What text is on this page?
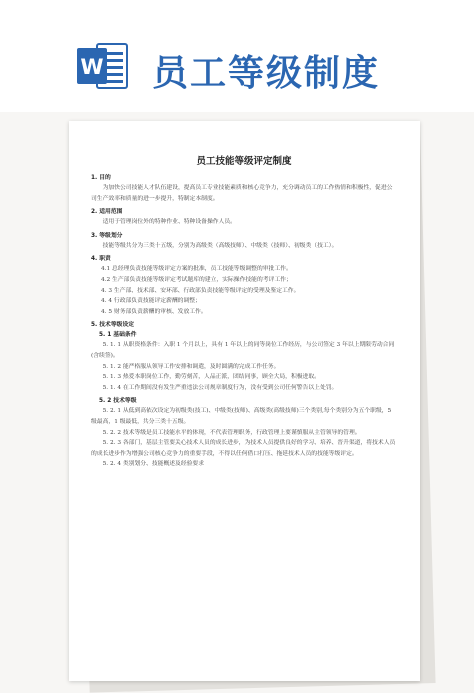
W 员工等级制度
员工技能等级评定制度
1. 目的
为加快公司技能人才队伍建设，提高员工专业技能素质和核心竞争力，充分调动员工的工作热情和积极性，促进公司生产效率和质量的进一步提升，特制定本制度。
2. 适用范围
适用于管理岗位外的特种作业、特种设备操作人员。
3. 等级划分
技能等级共分为三类十五级，分别为高级类（高级技师）、中级类（技师）、初级类（技工）。
4. 职责
4.1 总经理负责技能等级评定方案的批准，员工技能等级调整的审批工作。
4.2 生产部负责技能等级评定考试题库的建立，实际操作技能的考评工作；
4. 3 生产部、技术部、安环部、行政部负责技能等级评定的受理及鉴定工作。
4. 4 行政部负责技能评定薪酬的调整；
4. 5 财务部负责薪酬的审核、发放工作。
5. 技术等级设定
5. 1 基础条件
5. 1. 1 从职资格条件：入职 1 个月以上，具有 1 年以上的同等岗位工作经历，与公司签定 3 年以上期限劳动合同(含续签)。
5. 1. 2 能严格服从领导工作安排和调遣，及时圆满的完成工作任务。
5. 1. 3 热爱本职岗位工作，勤劳刻苦，人品正派，团结同事，顾全大局，积极进取。
5. 1. 4 在工作期间没有发生严重违法公司规章制度行为，没有受到公司任何警告以上处罚。
5. 2 技术等级
5. 2. 1 从低到高依次设定为初级类(技工)、中级类(技师)、高级类(高级技师)三个类别,每个类别分为五个职级，5 级最高，1 级最低，共分三类十五级。
5. 2. 2 技术等级是员工技能水平的体现，不代表管理职务，行政管理上要谨慎服从主管领导的管理。
5. 2. 3 各部门，基层主管要关心技术人员的成长进步，为技术人员提供良好的学习、培养、晋升渠道，将技术人员的成长进步作为增强公司核心竞争力的重要手段，不得以任何借口打压、拖延技术人员的技能等级评定。
5. 2. 4 类别划分、技能概述及经验要求
